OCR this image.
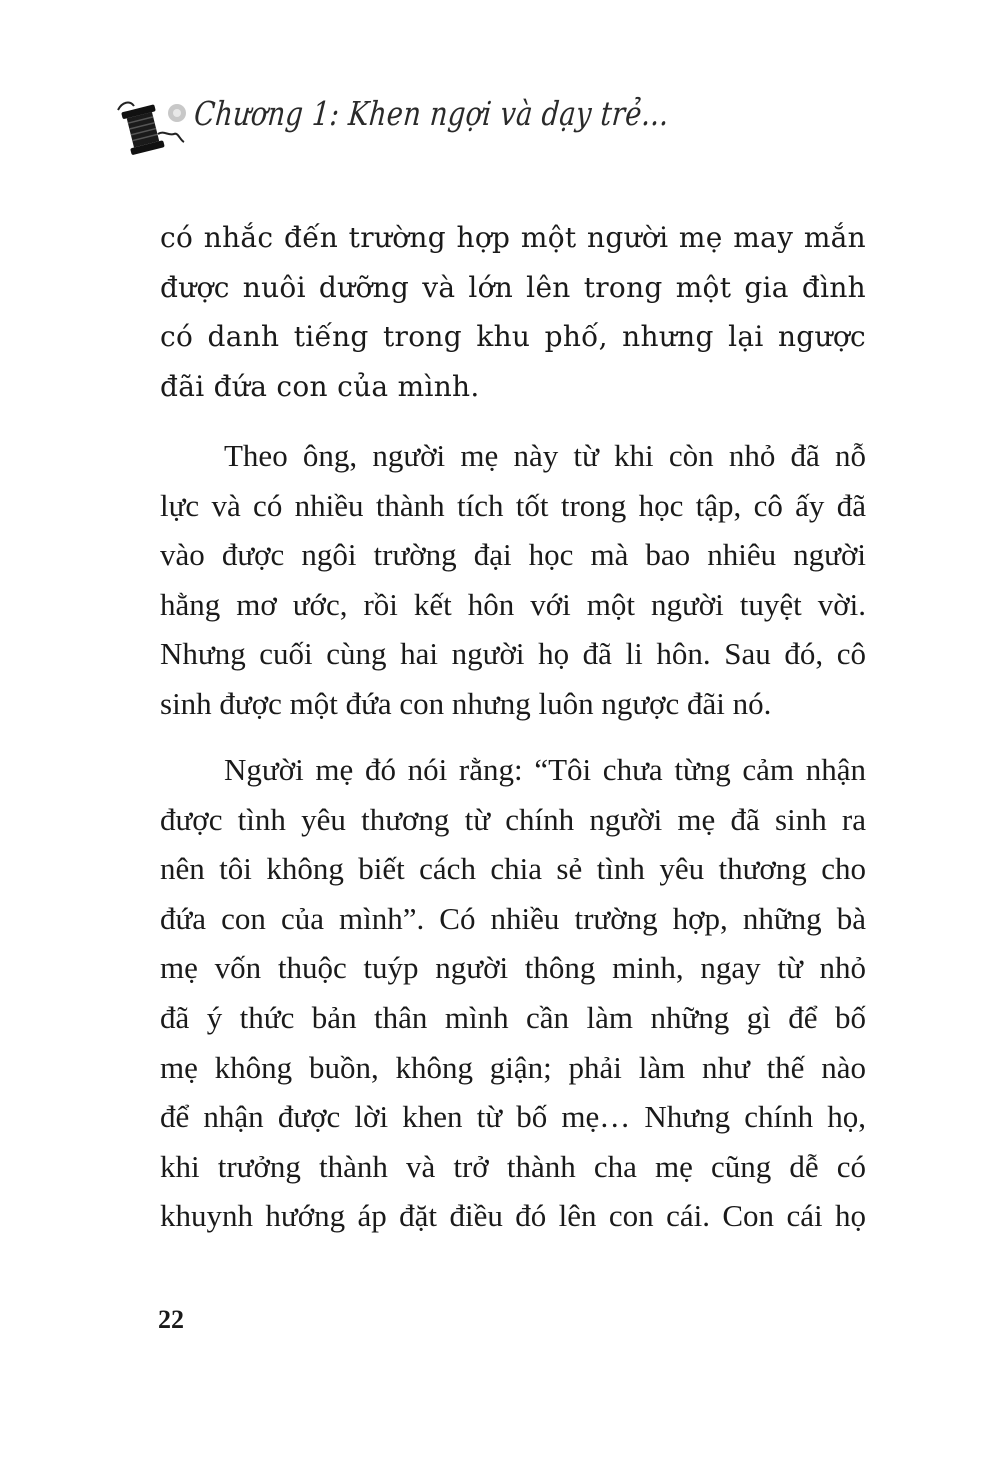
Chương 1: Khen ngợi và dạy trẻ...
có nhắc đến trường hợp một người mẹ may mắn
được nuôi dưỡng và lớn lên trong một gia đình
có danh tiếng trong khu phố, nhưng lại ngược
đãi đứa con của mình.
Theo ông, người mẹ này từ khi còn nhỏ đã nỗ
lực và có nhiều thành tích tốt trong học tập, cô ấy đã
vào được ngôi trường đại học mà bao nhiêu người
hằng mơ ước, rồi kết hôn với một người tuyệt vời.
Nhưng cuối cùng hai người họ đã li hôn. Sau đó, cô
sinh được một đứa con nhưng luôn ngược đãi nó.
Người mẹ đó nói rằng: “Tôi chưa từng cảm nhận
được tình yêu thương từ chính người mẹ đã sinh ra
nên tôi không biết cách chia sẻ tình yêu thương cho
đứa con của mình”. Có nhiều trường hợp, những bà
mẹ vốn thuộc tuýp người thông minh, ngay từ nhỏ
đã ý thức bản thân mình cần làm những gì để bố
mẹ không buồn, không giận; phải làm như thế nào
để nhận được lời khen từ bố mẹ… Nhưng chính họ,
khi trưởng thành và trở thành cha mẹ cũng dễ có
khuynh hướng áp đặt điều đó lên con cái. Con cái họ
22
